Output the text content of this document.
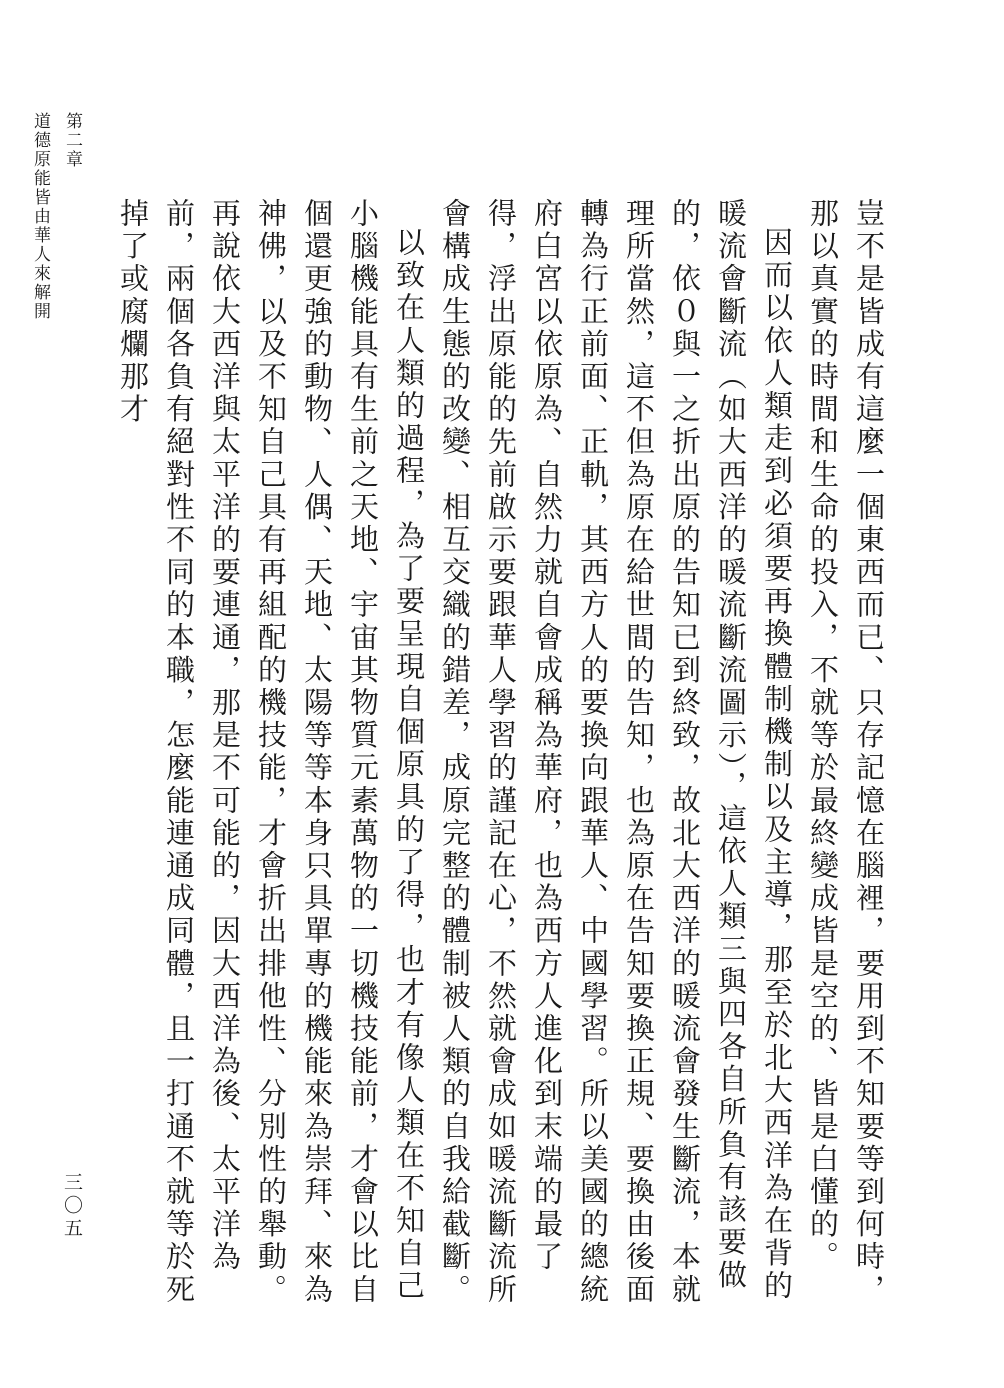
第二章
道德原能皆由華人來解開	豈不是皆成有這麼一個東西而已、只存記憶在腦裡，要用到不知要等到何時，那以真實的時間和生命的投入，不就等於最終變成皆是空的、皆是白懂的。

因而以依人類走到必須要再換體制機制以及主導，那至於北大西洋為在背的暖流會斷流（如大西洋的暖流斷流圖示），這依人類三與四各自所負有該要做的，依０與一之折出原的告知已到終致，故北大西洋的暖流會發生斷流，本就理所當然，這不但為原在給世間的告知，也為原在告知要換正規、要換由後面轉為行正前面、正軌，其西方人的要換向跟華人、中國學習。所以美國的總統府白宮以依原為、自然力就自會成稱為華府，也為西方人進化到末端的最了得，浮出原能的先前啟示要跟華人學習的謹記在心，不然就會成如暖流斷流所會構成生態的改變、相互交織的錯差，成原完整的體制被人類的自我給截斷。

以致在人類的過程，為了要呈現自個原具的了得，也才有像人類在不知自己小腦機能具有生前之天地、宇宙其物質元素萬物的一切機技能前，才會以比自個還更強的動物、人偶、天地、太陽等等本身只具單專的機能來為崇拜、來為神佛，以及不知自己具有再組配的機技能，才會折出排他性、分別性的舉動。再說依大西洋與太平洋的要連通，那是不可能的，因大西洋為後、太平洋為前，兩個各負有絕對性不同的本職，怎麼能連通成同體，且一打通不就等於死掉了或腐爛那才

三〇五
